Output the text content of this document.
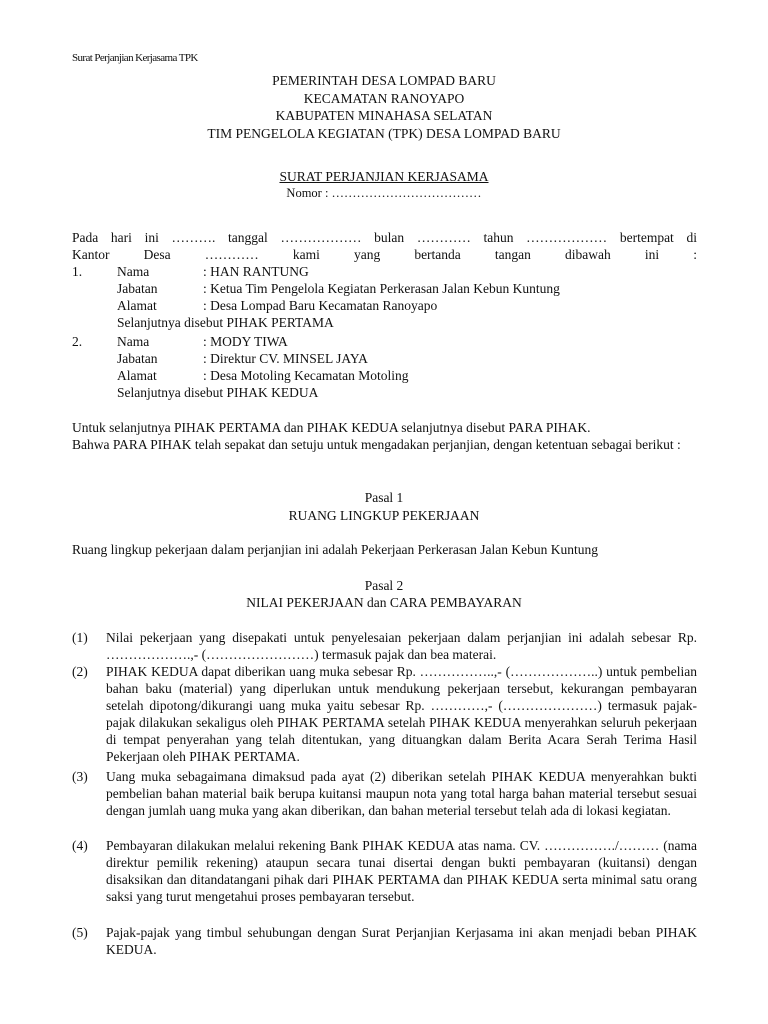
Surat Perjanjian Kerjasama TPK
PEMERINTAH DESA LOMPAD BARU
KECAMATAN RANOYAPO
KABUPATEN MINAHASA SELATAN
TIM PENGELOLA KEGIATAN (TPK) DESA LOMPAD BARU
SURAT PERJANJIAN KERJASAMA
Nomor : ………………………………
Pada hari ini ………. tanggal ……………… bulan ………… tahun ……………… bertempat di
Kantor Desa ………… kami yang bertanda tangan dibawah ini :
1.	Nama	: HAN RANTUNG
Jabatan	: Ketua Tim Pengelola Kegiatan Perkerasan Jalan Kebun Kuntung
Alamat	: Desa Lompad Baru Kecamatan Ranoyapo
Selanjutnya disebut PIHAK PERTAMA
2.	Nama	: MODY TIWA
Jabatan	: Direktur CV. MINSEL JAYA
Alamat	: Desa Motoling Kecamatan Motoling
Selanjutnya disebut PIHAK KEDUA
Untuk selanjutnya PIHAK PERTAMA dan PIHAK KEDUA selanjutnya disebut PARA PIHAK.
Bahwa PARA PIHAK telah sepakat dan setuju untuk mengadakan perjanjian, dengan ketentuan sebagai berikut :
Pasal 1
RUANG LINGKUP PEKERJAAN
Ruang lingkup pekerjaan dalam perjanjian ini adalah Pekerjaan Perkerasan Jalan Kebun Kuntung
Pasal 2
NILAI PEKERJAAN dan CARA PEMBAYARAN
(1) Nilai pekerjaan yang disepakati untuk penyelesaian pekerjaan dalam perjanjian ini adalah sebesar Rp. ……………….,- (……………………) termasuk pajak dan bea materai.
(2) PIHAK KEDUA dapat diberikan uang muka sebesar Rp. ……………..,- (………………..) untuk pembelian bahan baku (material) yang diperlukan untuk mendukung pekerjaan tersebut, kekurangan pembayaran setelah dipotong/dikurangi uang muka yaitu sebesar Rp. …………,- (…………………) termasuk pajak-pajak dilakukan sekaligus oleh PIHAK PERTAMA setelah PIHAK KEDUA menyerahkan seluruh pekerjaan di tempat penyerahan yang telah ditentukan, yang dituangkan dalam Berita Acara Serah Terima Hasil Pekerjaan oleh PIHAK PERTAMA.
(3) Uang muka sebagaimana dimaksud pada ayat (2) diberikan setelah PIHAK KEDUA menyerahkan bukti pembelian bahan material baik berupa kuitansi maupun nota yang total harga bahan material tersebut sesuai dengan jumlah uang muka yang akan diberikan, dan bahan meterial tersebut telah ada di lokasi kegiatan.
(4) Pembayaran dilakukan melalui rekening Bank PIHAK KEDUA atas nama. CV. ……………./……… (nama direktur pemilik rekening) ataupun secara tunai disertai dengan bukti pembayaran (kuitansi) dengan disaksikan dan ditandatangani pihak dari PIHAK PERTAMA dan PIHAK KEDUA serta minimal satu orang saksi yang turut mengetahui proses pembayaran tersebut.
(5) Pajak-pajak yang timbul sehubungan dengan Surat Perjanjian Kerjasama ini akan menjadi beban PIHAK KEDUA.
